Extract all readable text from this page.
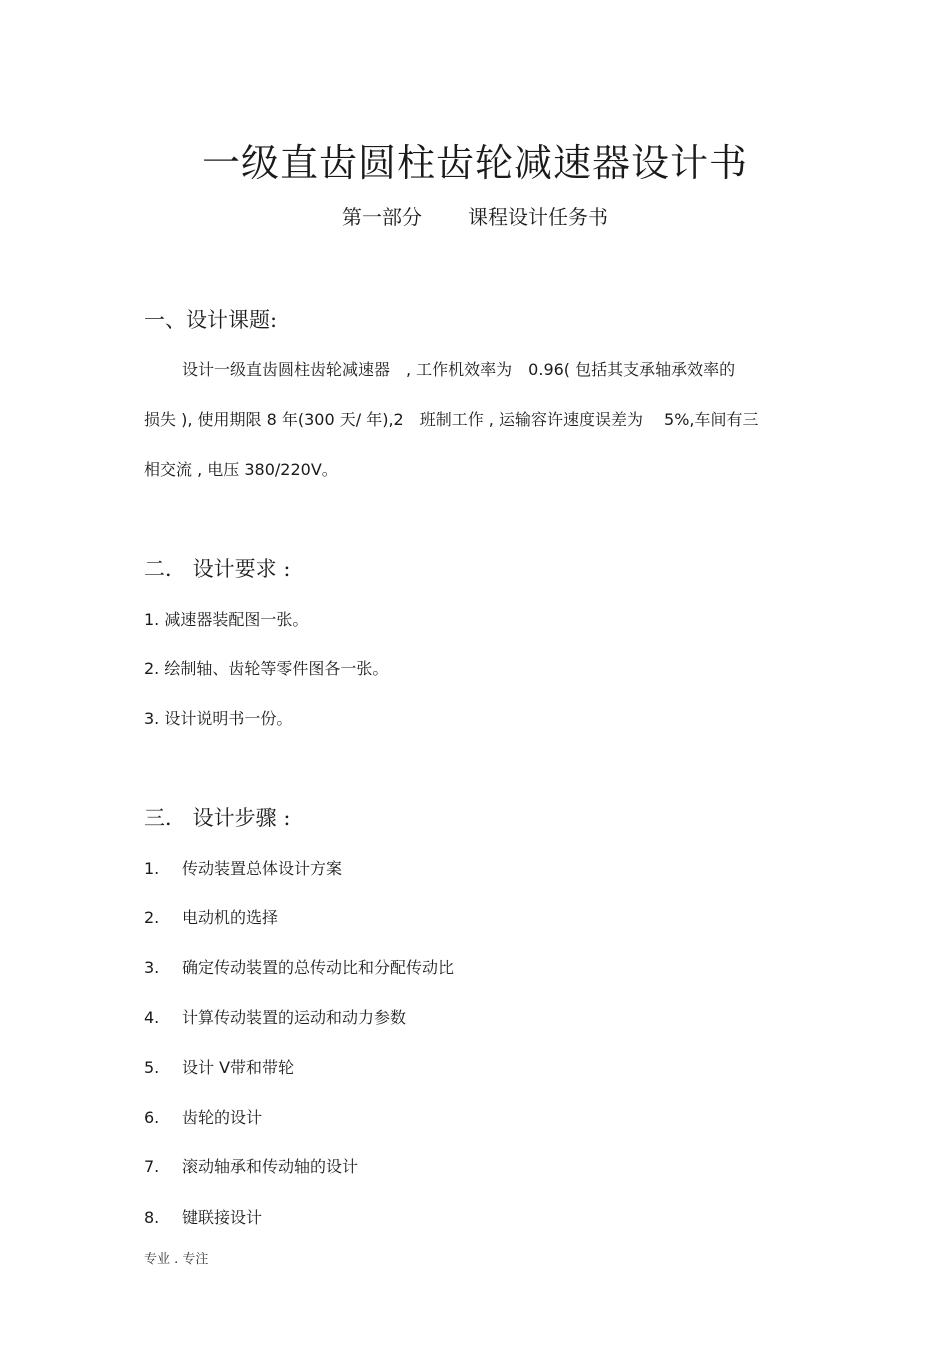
一级直齿圆柱齿轮减速器设计书
第一部分 课程设计任务书
一、设计课题:
设计一级直齿圆柱齿轮减速器　, 工作机效率为　0.96( 包括其支承轴承效率的
损失 ), 使用期限 8 年(300 天/ 年),2　班制工作 , 运输容许速度误差为　 5%,车间有三
相交流 , 电压 380/220V。
二． 设计要求 :
1. 减速器装配图一张。
2. 绘制轴、齿轮等零件图各一张。
3. 设计说明书一份。
三． 设计步骤 :
1. 传动装置总体设计方案
2. 电动机的选择
3. 确定传动装置的总传动比和分配传动比
4. 计算传动装置的运动和动力参数
5. 设计 V带和带轮
6. 齿轮的设计
7. 滚动轴承和传动轴的设计
8. 键联接设计
专业 . 专注
